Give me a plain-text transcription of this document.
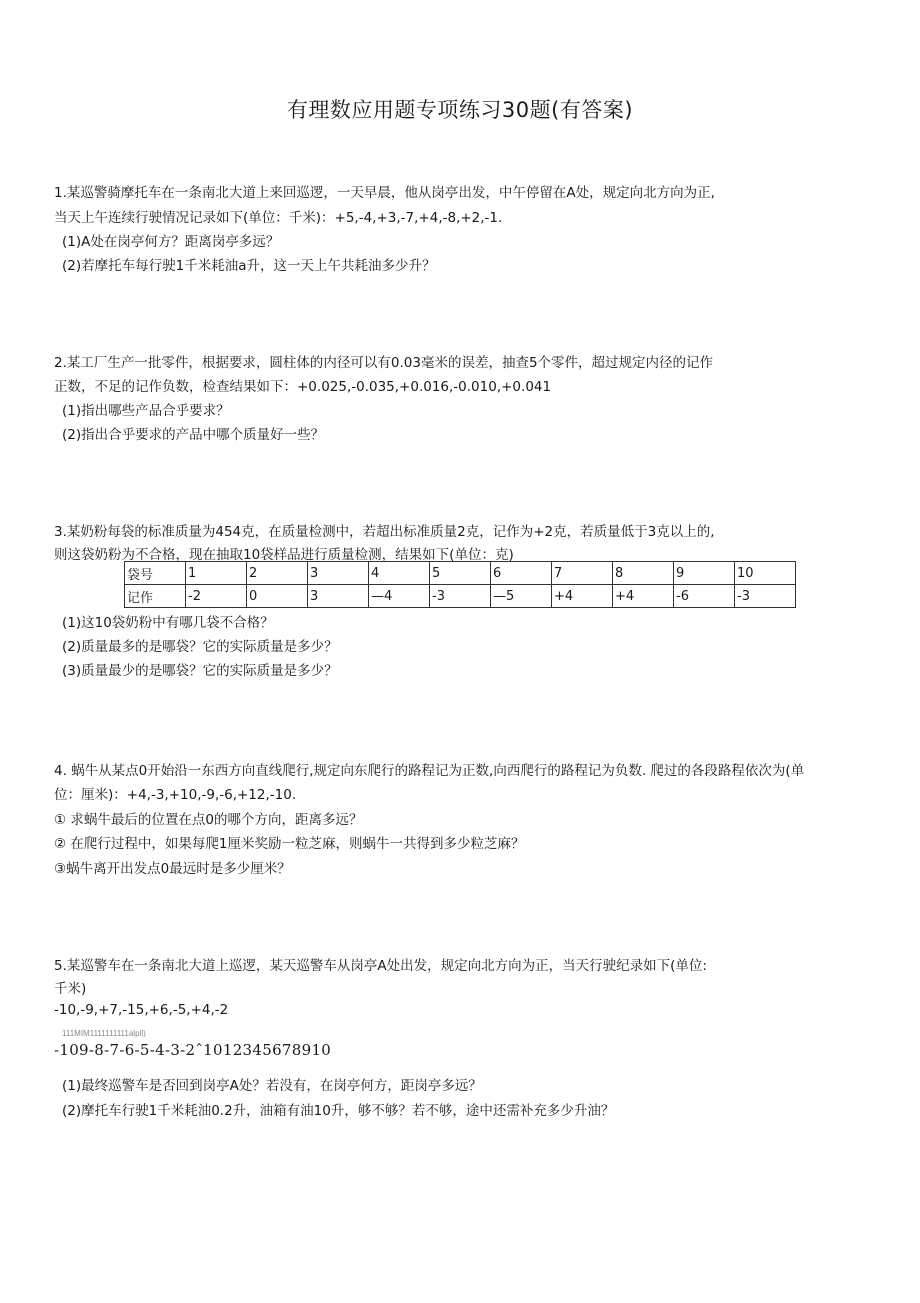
有理数应用题专项练习30题(有答案)
1.某巡警骑摩托车在一条南北大道上来回巡逻，一天早晨，他从岗亭出发，中午停留在A处，规定向北方向为正,
当天上午连续行驶情况记录如下(单位：千米)：+5,-4,+3,-7,+4,-8,+2,-1.
(1)A处在岗亭何方？距离岗亭多远？
(2)若摩托车每行驶1千米耗油a升，这一天上午共耗油多少升？
2.某工厂生产一批零件，根据要求，圆柱体的内径可以有0.03毫米的误差，抽查5个零件，超过规定内径的记作
正数，不足的记作负数，检查结果如下：+0.025,-0.035,+0.016,-0.010,+0.041
(1)指出哪些产品合乎要求？
(2)指出合乎要求的产品中哪个质量好一些？
3.某奶粉每袋的标准质量为454克，在质量检测中，若超出标准质量2克，记作为+2克，若质量低于3克以上的,
则这袋奶粉为不合格，现在抽取10袋样品进行质量检测，结果如下(单位：克)
袋号	1	2	3	4	5	6	7	8	9	10
记作	-2	0	3	—4	-3	—5	+4	+4	-6	-3
(1)这10袋奶粉中有哪几袋不合格？
(2)质量最多的是哪袋？它的实际质量是多少？
(3)质量最少的是哪袋？它的实际质量是多少？
4. 蜗牛从某点0开始沿一东西方向直线爬行,规定向东爬行的路程记为正数,向西爬行的路程记为负数. 爬过的各段路程依次为(单
位：厘米)：+4,-3,+10,-9,-6,+12,-10.
① 求蜗牛最后的位置在点0的哪个方向，距离多远？
② 在爬行过程中，如果每爬1厘米奖励一粒芝麻，则蜗牛一共得到多少粒芝麻？
③蜗牛离开出发点0最远时是多少厘米？
5.某巡警车在一条南北大道上巡逻，某天巡警车从岗亭A处出发，规定向北方向为正，当天行驶纪录如下(单位:
千米)
-10,-9,+7,-15,+6,-5,+4,-2
111MIM1111111111alpll)
-109-8-7-6-5-4-3-2ˆ1012345678910
(1)最终巡警车是否回到岗亭A处？若没有，在岗亭何方，距岗亭多远？
(2)摩托车行驶1千米耗油0.2升，油箱有油10升，够不够？若不够，途中还需补充多少升油？
